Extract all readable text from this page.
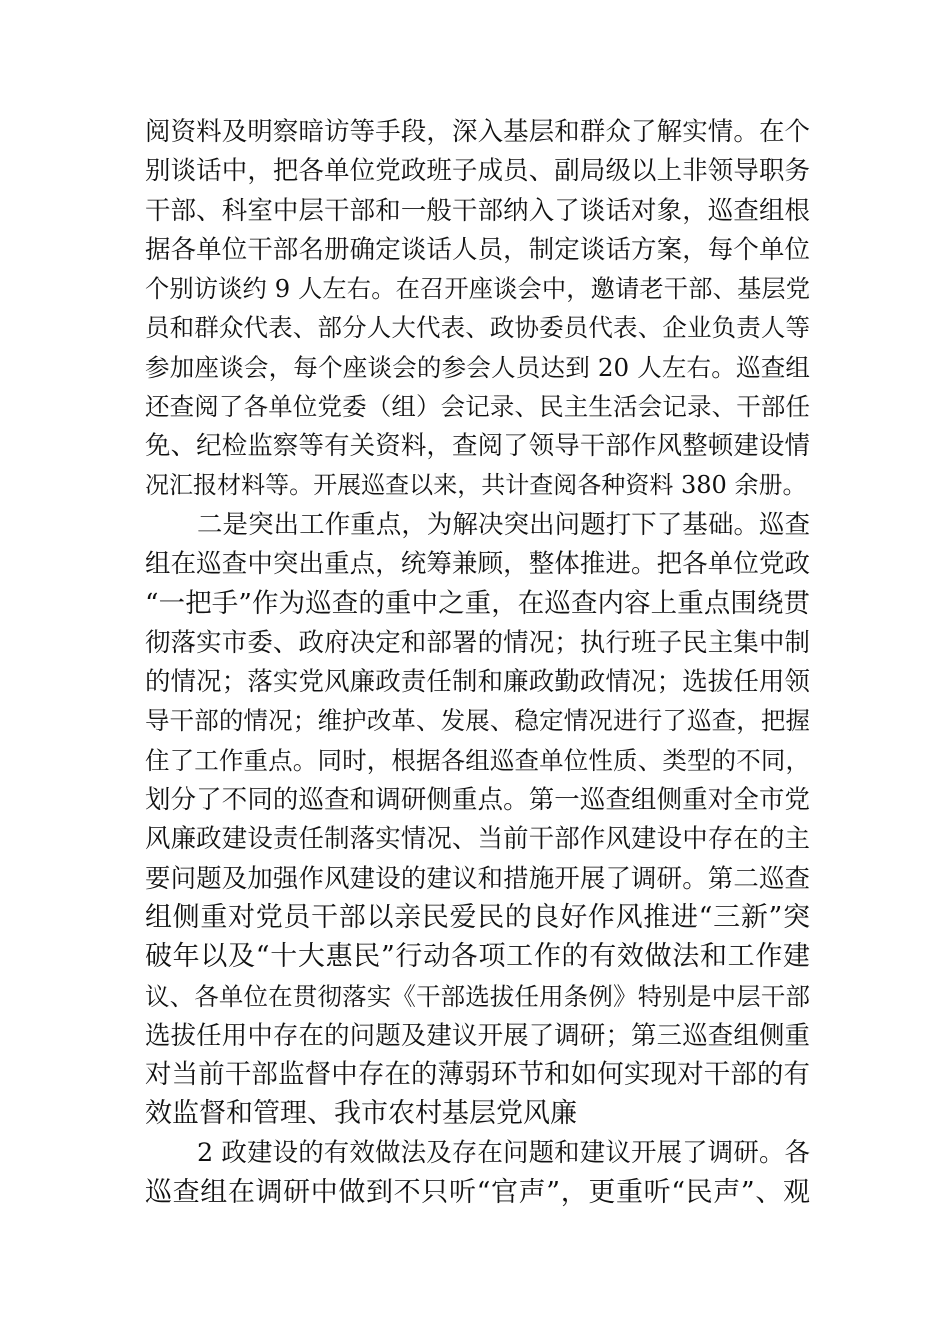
阅资料及明察暗访等手段，深入基层和群众了解实情。在个
别谈话中，把各单位党政班子成员、副局级以上非领导职务
干部、科室中层干部和一般干部纳入了谈话对象，巡查组根
据各单位干部名册确定谈话人员，制定谈话方案，每个单位
个别访谈约 9 人左右。在召开座谈会中，邀请老干部、基层党
员和群众代表、部分人大代表、政协委员代表、企业负责人等
参加座谈会，每个座谈会的参会人员达到 20 人左右。巡查组
还查阅了各单位党委（组）会记录、民主生活会记录、干部任
免、纪检监察等有关资料，查阅了领导干部作风整顿建设情
况汇报材料等。开展巡查以来，共计查阅各种资料 380 余册。
二是突出工作重点，为解决突出问题打下了基础。巡查
组在巡查中突出重点，统筹兼顾，整体推进。把各单位党政
“一把手”作为巡查的重中之重，在巡查内容上重点围绕贯
彻落实市委、政府决定和部署的情况；执行班子民主集中制
的情况；落实党风廉政责任制和廉政勤政情况；选拔任用领
导干部的情况；维护改革、发展、稳定情况进行了巡查，把握
住了工作重点。同时，根据各组巡查单位性质、类型的不同，
划分了不同的巡查和调研侧重点。第一巡查组侧重对全市党
风廉政建设责任制落实情况、当前干部作风建设中存在的主
要问题及加强作风建设的建议和措施开展了调研。第二巡查
组侧重对党员干部以亲民爱民的良好作风推进“三新”突
破年以及“十大惠民”行动各项工作的有效做法和工作建
议、各单位在贯彻落实《干部选拔任用条例》特别是中层干部
选拔任用中存在的问题及建议开展了调研；第三巡查组侧重
对当前干部监督中存在的薄弱环节和如何实现对干部的有
效监督和管理、我市农村基层党风廉
2 政建设的有效做法及存在问题和建议开展了调研。各
巡查组在调研中做到不只听“官声”，更重听“民声”、观
